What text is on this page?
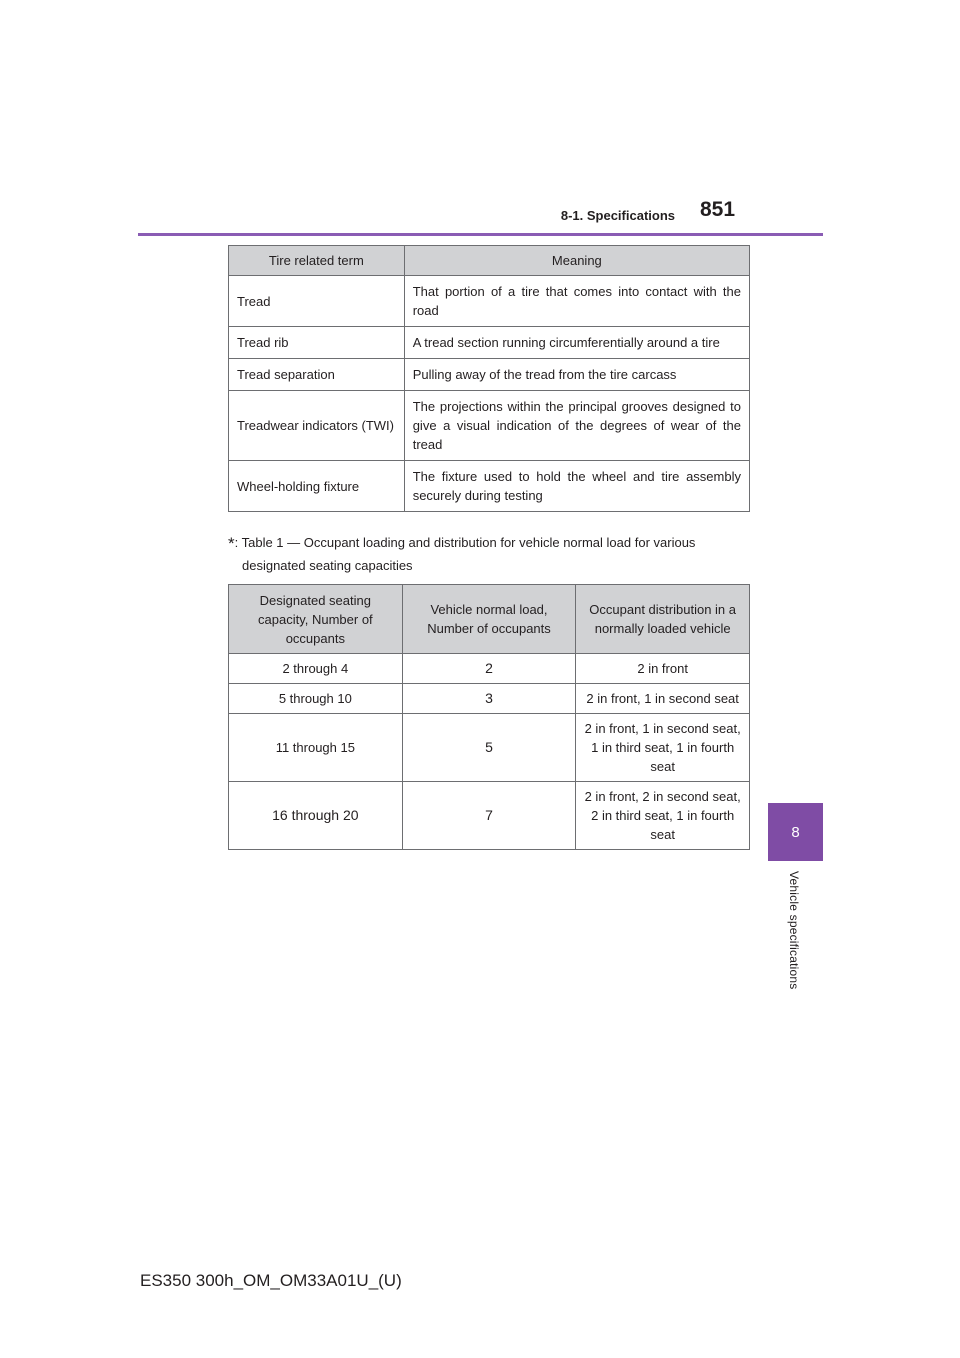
8-1. Specifications 851
8
Vehicle specifications
Tire related term	Meaning
Tread	That portion of a tire that comes into contact with the road
Tread rib	A tread section running circumferentially around a tire
Tread separation	Pulling away of the tread from the tire carcass
Treadwear indicators (TWI)	The projections within the principal grooves designed to give a visual indication of the degrees of wear of the tread
Wheel-holding fixture	The fixture used to hold the wheel and tire assembly securely during testing
*: Table 1 — Occupant loading and distribution for vehicle normal load for various
designated seating capacities
Designated seating capacity, Number of occupants	Vehicle normal load, Number of occupants	Occupant distribution in a normally loaded vehicle
2 through 4	2	2 in front
5 through 10	3	2 in front, 1 in second seat
11 through 15	5	2 in front, 1 in second seat, 1 in third seat, 1 in fourth seat
16 through 20	7	2 in front, 2 in second seat, 2 in third seat, 1 in fourth seat
ES350 300h_OM_OM33A01U_(U)
